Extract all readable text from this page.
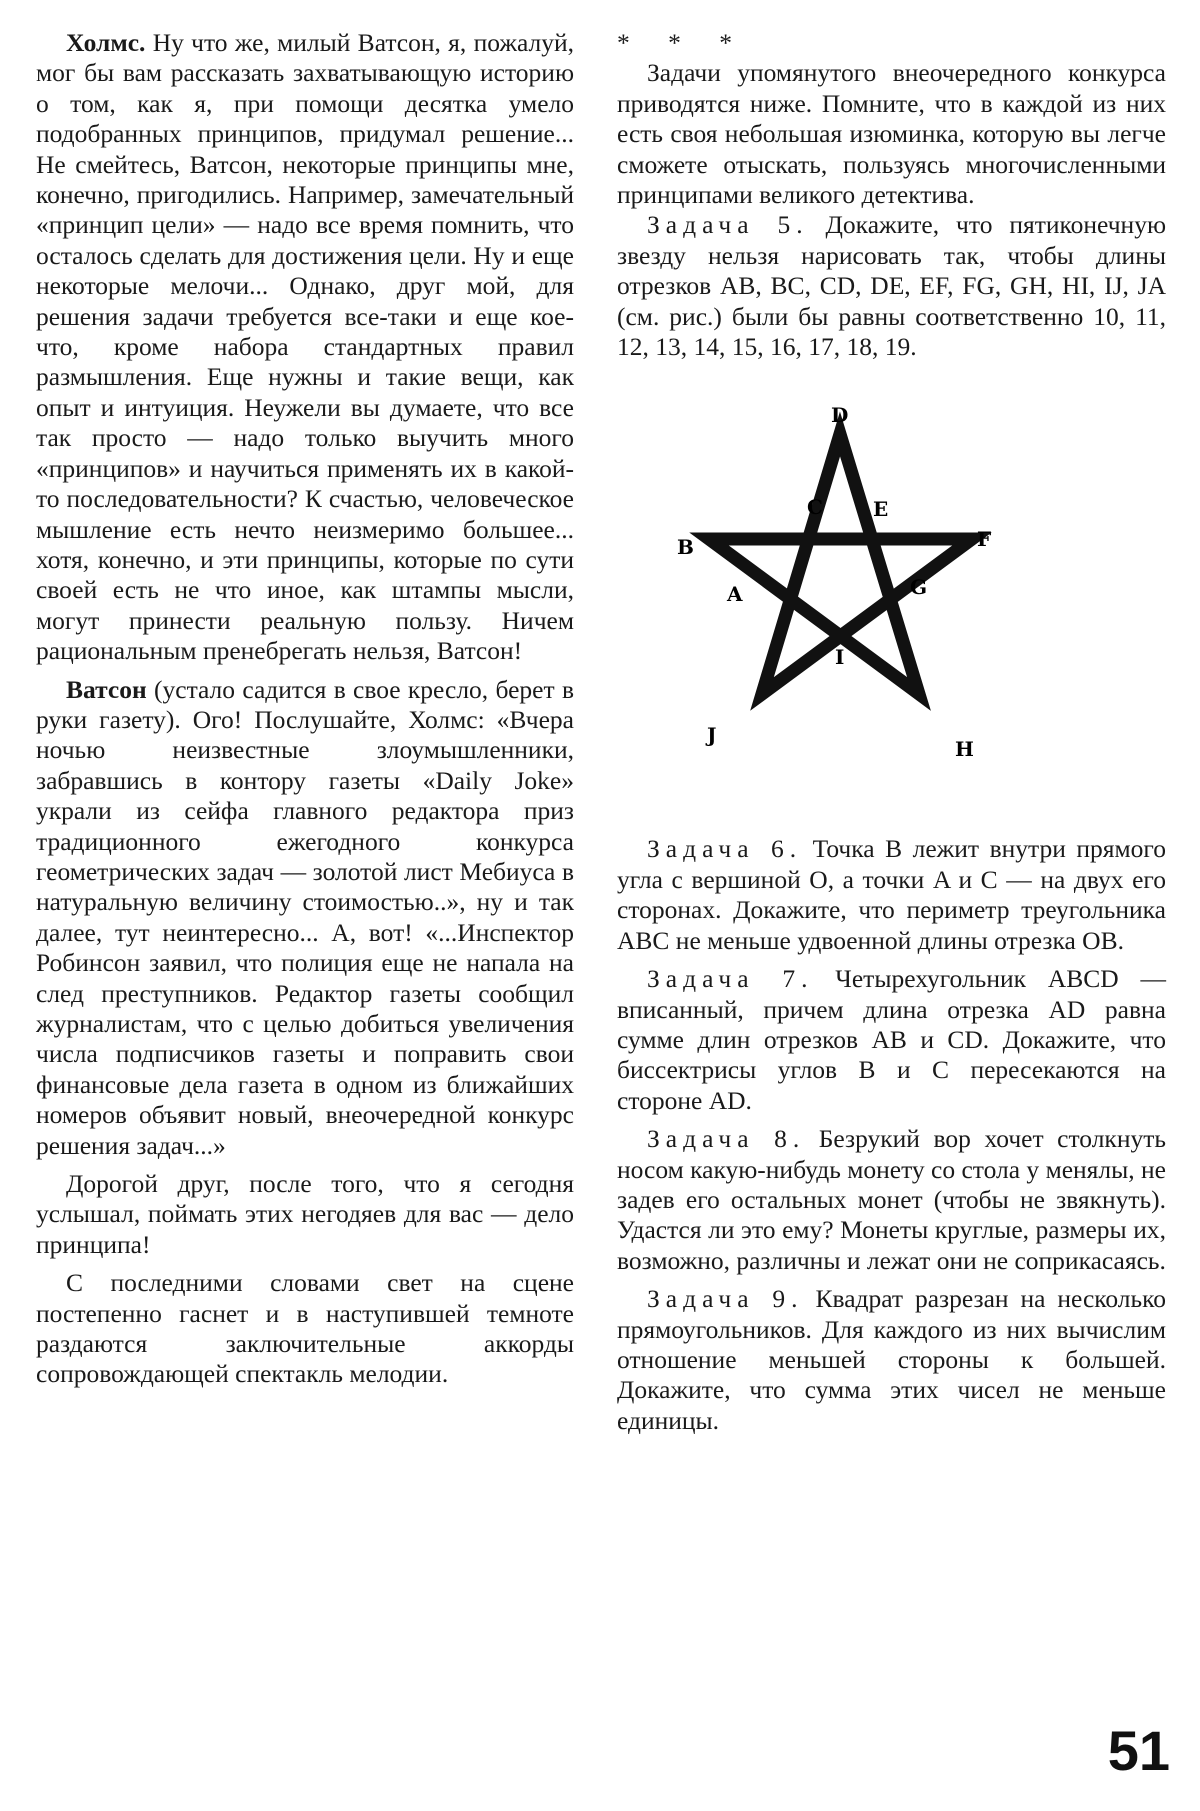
Холмс. Ну что же, милый Ватсон, я, пожалуй, мог бы вам рассказать захватывающую историю о том, как я, при помощи десятка умело подобранных принципов, придумал решение... Не смейтесь, Ватсон, некоторые принципы мне, конечно, пригодились. Например, замечательный «принцип цели» — надо все время помнить, что осталось сделать для достижения цели. Ну и еще некоторые мелочи... Однако, друг мой, для решения задачи требуется все-таки и еще кое-что, кроме набора стандартных правил размышления. Еще нужны и такие вещи, как опыт и интуиция. Неужели вы думаете, что все так просто — надо только выучить много «принципов» и научиться применять их в какой-то последовательности? К счастью, человеческое мышление есть нечто неизмеримо большее... хотя, конечно, и эти принципы, которые по сути своей есть не что иное, как штампы мысли, могут принести реальную пользу. Ничем рациональным пренебрегать нельзя, Ватсон!

Ватсон (устало садится в свое кресло, берет в руки газету). Ого! Послушайте, Холмс: «Вчера ночью неизвестные злоумышленники, забравшись в контору газеты «Daily Joke» украли из сейфа главного редактора приз традиционного ежегодного конкурса геометрических задач — золотой лист Мебиуса в натуральную величину стоимостью..», ну и так далее, тут неинтересно... А, вот! «...Инспектор Робинсон заявил, что полиция еще не напала на след преступников. Редактор газеты сообщил журналистам, что с целью добиться увеличения числа подписчиков газеты и поправить свои финансовые дела газета в одном из ближайших номеров объявит новый, внеочередной конкурс решения задач...»

Дорогой друг, после того, что я сегодня услышал, поймать этих негодяев для вас — дело принципа!

С последними словами свет на сцене постепенно гаснет и в наступившей темноте раздаются заключительные аккорды сопровождающей спектакль мелодии.

* * *

Задачи упомянутого внеочередного конкурса приводятся ниже. Помните, что в каждой из них есть своя небольшая изюминка, которую вы легче сможете отыскать, пользуясь многочисленными принципами великого детектива.

Задача 5. Докажите, что пятиконечную звезду нельзя нарисовать так, чтобы длины отрезков AB, BC, CD, DE, EF, FG, GH, HI, IJ, JA (см. рис.) были бы равны соответственно 10, 11, 12, 13, 14, 15, 16, 17, 18, 19.

D
C	E
B	F
A	G
I
J
H

Задача 6. Точка B лежит внутри прямого угла с вершиной O, а точки A и C — на двух его сторонах. Докажите, что периметр треугольника ABC не меньше удвоенной длины отрезка OB.

Задача 7. Четырехугольник ABCD — вписанный, причем длина отрезка AD равна сумме длин отрезков AB и CD. Докажите, что биссектрисы углов B и C пересекаются на стороне AD.

Задача 8. Безрукий вор хочет столкнуть носом какую-нибудь монету со стола у менялы, не задев его остальных монет (чтобы не звякнуть). Удастся ли это ему? Монеты круглые, размеры их, возможно, различны и лежат они не соприкасаясь.

Задача 9. Квадрат разрезан на несколько прямоугольников. Для каждого из них вычислим отношение меньшей стороны к большей. Докажите, что сумма этих чисел не меньше единицы.

51
